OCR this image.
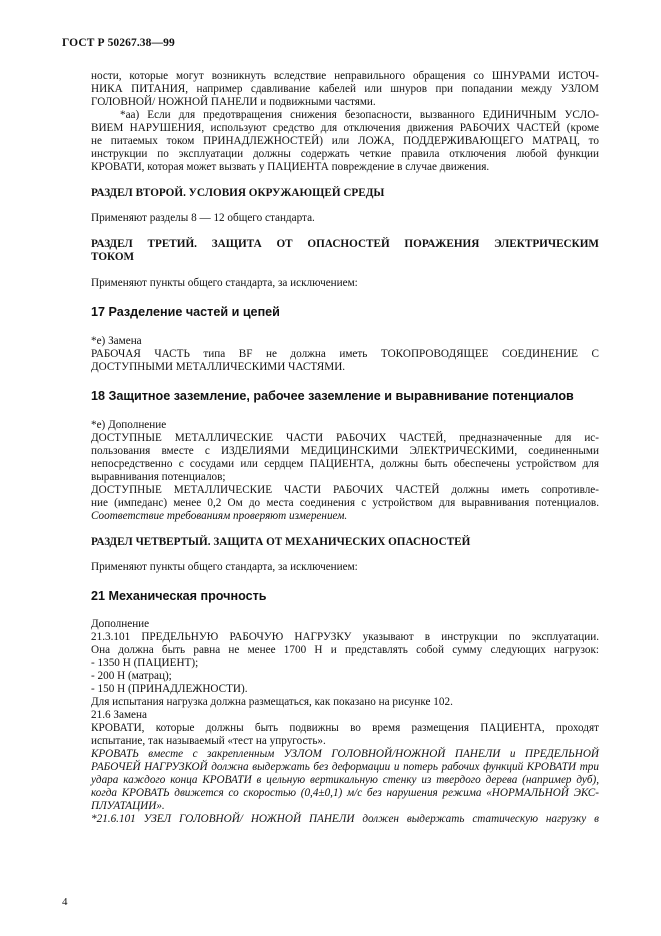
ГОСТ Р 50267.38—99
ности, которые могут возникнуть вследствие неправильного обращения со ШНУРАМИ ИСТОЧ-
НИКА ПИТАНИЯ, например сдавливание кабелей или шнуров при попадании между УЗЛОМ
ГОЛОВНОЙ/ НОЖНОЙ ПАНЕЛИ и подвижными частями.
*аа) Если для предотвращения снижения безопасности, вызванного ЕДИНИЧНЫМ УСЛО-
ВИЕМ НАРУШЕНИЯ, используют средство для отключения движения РАБОЧИХ ЧАСТЕЙ (кроме
не питаемых током ПРИНАДЛЕЖНОСТЕЙ) или ЛОЖА, ПОДДЕРЖИВАЮЩЕГО МАТРАЦ, то
инструкции по эксплуатации должны содержать четкие правила отключения любой функции
КРОВАТИ, которая может вызвать у ПАЦИЕНТА повреждение в случае движения.
РАЗДЕЛ ВТОРОЙ. УСЛОВИЯ ОКРУЖАЮЩЕЙ СРЕДЫ
Применяют разделы 8 — 12 общего стандарта.
РАЗДЕЛ ТРЕТИЙ. ЗАЩИТА ОТ ОПАСНОСТЕЙ ПОРАЖЕНИЯ ЭЛЕКТРИЧЕСКИМ
ТОКОМ
Применяют пункты общего стандарта, за исключением:
17 Разделение частей и цепей
*е) Замена
РАБОЧАЯ ЧАСТЬ типа BF не должна иметь ТОКОПРОВОДЯЩЕЕ СОЕДИНЕНИЕ С
ДОСТУПНЫМИ МЕТАЛЛИЧЕСКИМИ ЧАСТЯМИ.
18 Защитное заземление, рабочее заземление и выравнивание потенциалов
*е) Дополнение
ДОСТУПНЫЕ МЕТАЛЛИЧЕСКИЕ ЧАСТИ РАБОЧИХ ЧАСТЕЙ, предназначенные для ис-
пользования вместе с ИЗДЕЛИЯМИ МЕДИЦИНСКИМИ ЭЛЕКТРИЧЕСКИМИ, соединенными
непосредственно с сосудами или сердцем ПАЦИЕНТА, должны быть обеспечены устройством для
выравнивания потенциалов;
ДОСТУПНЫЕ МЕТАЛЛИЧЕСКИЕ ЧАСТИ РАБОЧИХ ЧАСТЕЙ должны иметь сопротивле-
ние (импеданс) менее 0,2 Ом до места соединения с устройством для выравнивания потенциалов.
Соответствие требованиям проверяют измерением.
РАЗДЕЛ ЧЕТВЕРТЫЙ. ЗАЩИТА ОТ МЕХАНИЧЕСКИХ ОПАСНОСТЕЙ
Применяют пункты общего стандарта, за исключением:
21 Механическая прочность
Дополнение
21.3.101 ПРЕДЕЛЬНУЮ РАБОЧУЮ НАГРУЗКУ указывают в инструкции по эксплуатации.
Она должна быть равна не менее 1700 Н и представлять собой сумму следующих нагрузок:
- 1350 Н (ПАЦИЕНТ);
- 200 Н (матрац);
- 150 Н (ПРИНАДЛЕЖНОСТИ).
Для испытания нагрузка должна размещаться, как показано на рисунке 102.
21.6 Замена
КРОВАТИ, которые должны быть подвижны во время размещения ПАЦИЕНТА, проходят
испытание, так называемый «тест на упругость».
КРОВАТЬ вместе с закрепленным УЗЛОМ ГОЛОВНОЙ/НОЖНОЙ ПАНЕЛИ и ПРЕДЕЛЬНОЙ
РАБОЧЕЙ НАГРУЗКОЙ должна выдержать без деформации и потерь рабочих функций КРОВАТИ три
удара каждого конца КРОВАТИ в цельную вертикальную стенку из твердого дерева (например дуб),
когда КРОВАТЬ движется со скоростью (0,4±0,1) м/с без нарушения режима «НОРМАЛЬНОЙ ЭКС-
ПЛУАТАЦИИ».
*21.6.101 УЗЕЛ ГОЛОВНОЙ/ НОЖНОЙ ПАНЕЛИ должен выдержать статическую нагрузку в
4
